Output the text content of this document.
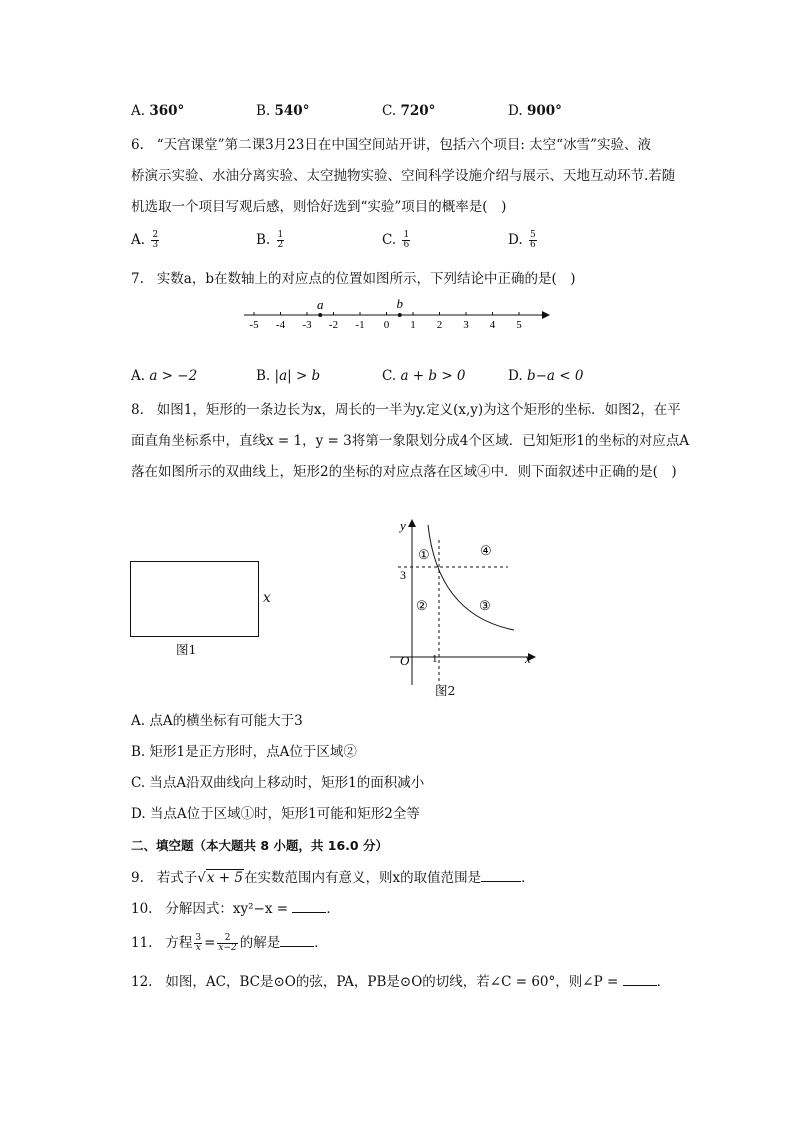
A. 360°	B. 540°	C. 720°	D. 900°
6. “天宫课堂”第二课3月23日在中国空间站开讲，包括六个项目: 太空“冰雪”实验、液
桥演示实验、水油分离实验、太空抛物实验、空间科学设施介绍与展示、天地互动环节.若随
机选取一个项目写观后感，则恰好选到“实验”项目的概率是(　)
A. $\frac{2}{3}$	B. $\frac{1}{2}$	C. $\frac{1}{6}$	D. $\frac{5}{6}$
7. 实数a，b在数轴上的对应点的位置如图所示，下列结论中正确的是(　)
-5 -4 -3 -2 -1 0 1 2 3 4 5
a	b
A. a > −2	B. |a| > b	C. a + b > 0	D. b−a < 0
8. 如图1，矩形的一条边长为x，周长的一半为y.定义(x,y)为这个矩形的坐标．如图2，在平
面直角坐标系中，直线x = 1，y = 3将第一象限划分成4个区域．已知矩形1的坐标的对应点A
落在如图所示的双曲线上，矩形2的坐标的对应点落在区域④中．则下面叙述中正确的是(　)
x
图1
y
x
O
3
1
①
②	③
④
图2
A. 点A的横坐标有可能大于3
B. 矩形1是正方形时，点A位于区域②
C. 当点A沿双曲线向上移动时，矩形1的面积减小
D. 当点A位于区域①时，矩形1可能和矩形2全等
二、填空题（本大题共 8 小题，共 16.0 分）
9. 若式子√x + 5在实数范围内有意义，则x的取值范围是	．
10. 分解因式：xy²−x =	．
11. 方程 $\frac{3}{x} = \frac{2}{x-2}$ 的解是	．
12. 如图，AC，BC是⊙O的弦，PA，PB是⊙O的切线，若∠C = 60°，则∠P =	．
